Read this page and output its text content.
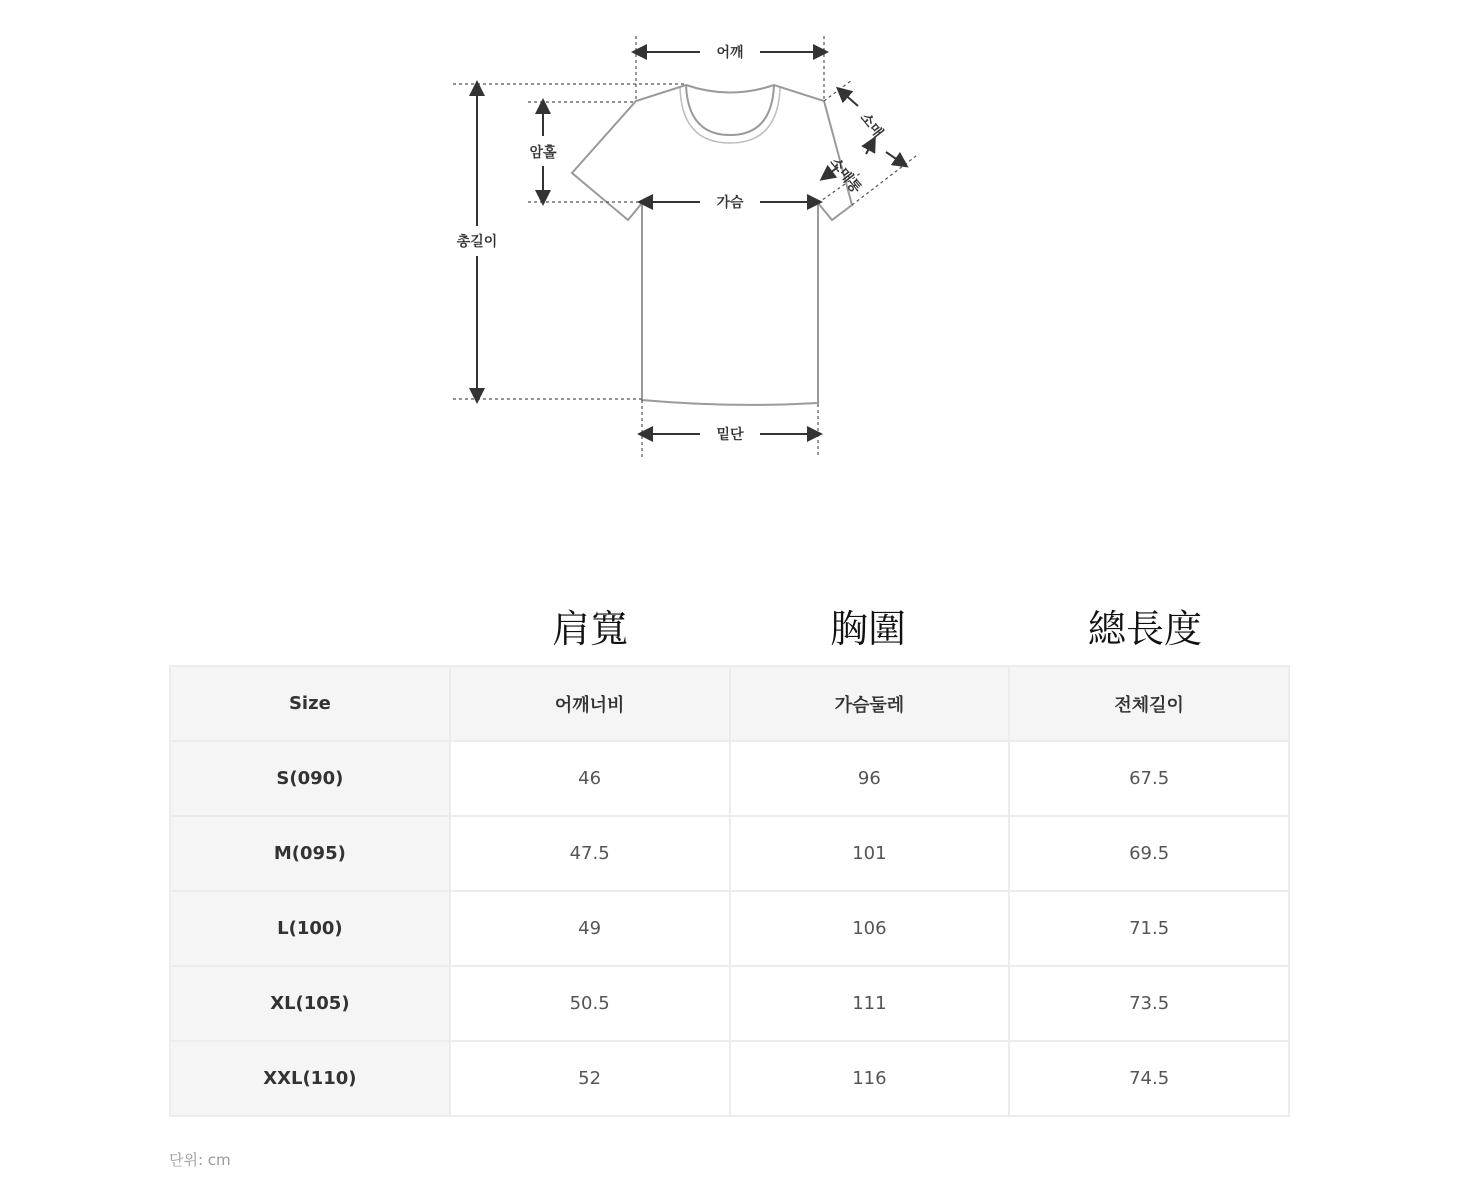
어깨
총길이
암홀
가슴
밑단
소매
소매통
肩寬	胸圍	總長度
Size	어깨너비	가슴둘레	전체길이
S(090)	46	96	67.5
M(095)	47.5	101	69.5
L(100)	49	106	71.5
XL(105)	50.5	111	73.5
XXL(110)	52	116	74.5
단위: cm
